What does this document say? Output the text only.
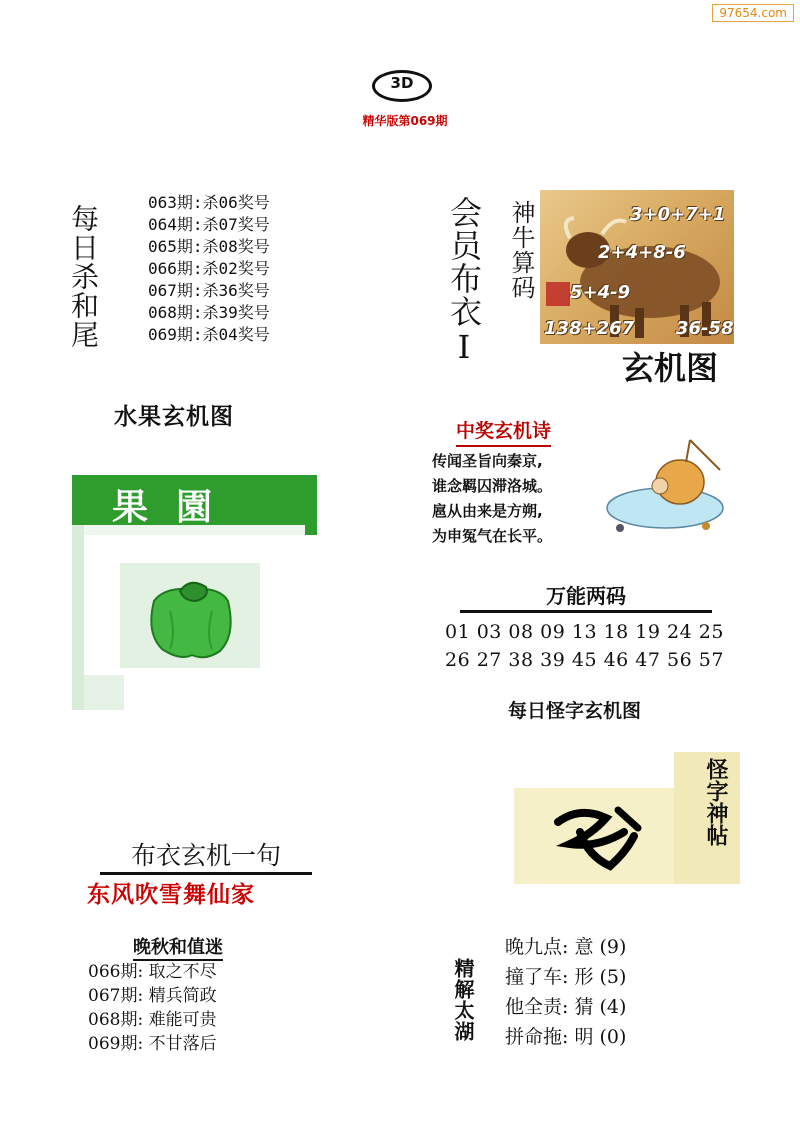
97654.com
3D
精华版第069期
每日杀和尾
063期:杀06奖号
064期:杀07奖号
065期:杀08奖号
066期:杀02奖号
067期:杀36奖号
068期:杀39奖号
069期:杀04奖号	会员布衣Ⅰ 神牛算码	3+0+7+1
2+4+8-6
5+4-9
138+267 36-58
玄机图
水果玄机图
果園
中奖玄机诗
传闻圣旨向秦京,
谁念羁囚滞洛城。
扈从由来是方朔,
为申冤气在长平。
万能两码
01 03 08 09 13 18 19 24 25
26 27 38 39 45 46 47 56 57
每日怪字玄机图
怪字神帖
布衣玄机一句
东风吹雪舞仙家
晚秋和值迷
066期: 取之不尽
067期: 精兵简政
068期: 难能可贵
069期: 不甘落后
精解太湖
晚九点: 意 (9)
撞了车: 形 (5)
他全责: 猜 (4)
拼命拖: 明 (0)
